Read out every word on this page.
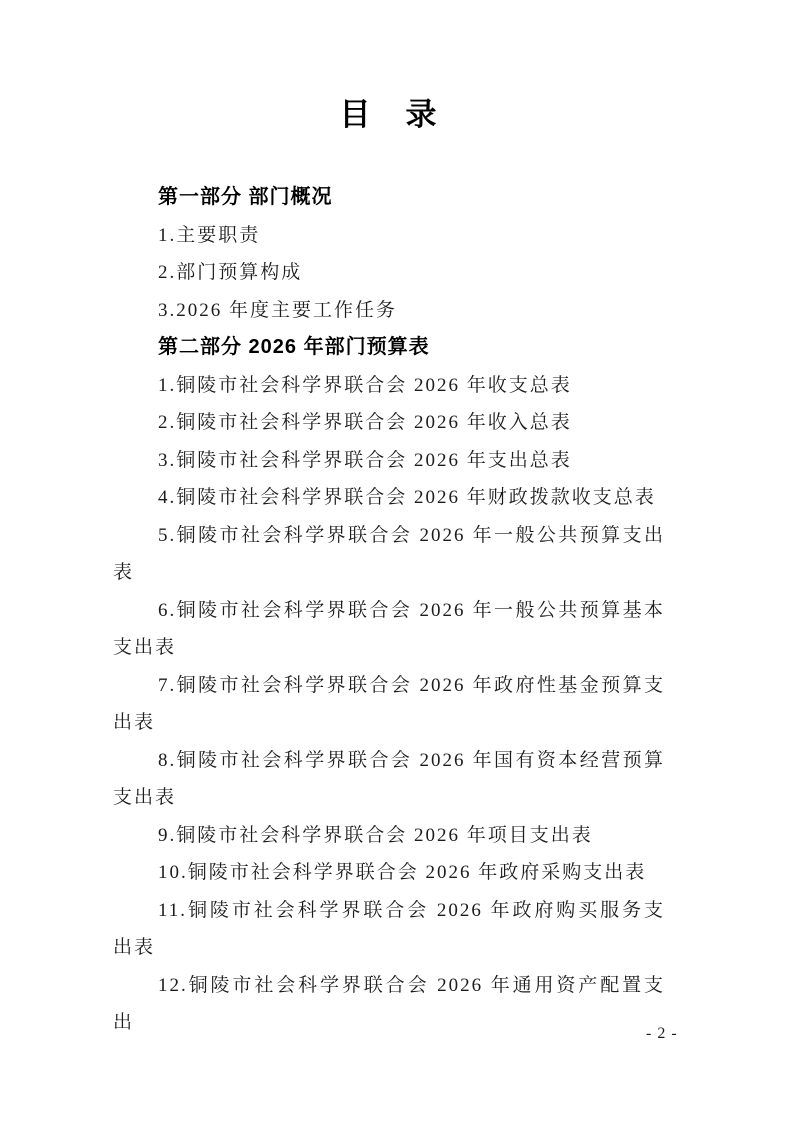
目　录
第一部分 部门概况

1.主要职责

2.部门预算构成

3.2026 年度主要工作任务

第二部分 2026 年部门预算表

1.铜陵市社会科学界联合会 2026 年收支总表

2.铜陵市社会科学界联合会 2026 年收入总表

3.铜陵市社会科学界联合会 2026 年支出总表

4.铜陵市社会科学界联合会 2026 年财政拨款收支总表

5.铜陵市社会科学界联合会 2026 年一般公共预算支出表

6.铜陵市社会科学界联合会 2026 年一般公共预算基本支出表

7.铜陵市社会科学界联合会 2026 年政府性基金预算支出表

8.铜陵市社会科学界联合会 2026 年国有资本经营预算支出表

9.铜陵市社会科学界联合会 2026 年项目支出表

10.铜陵市社会科学界联合会 2026 年政府采购支出表

11.铜陵市社会科学界联合会 2026 年政府购买服务支出表

12.铜陵市社会科学界联合会 2026 年通用资产配置支出

- 2 -
